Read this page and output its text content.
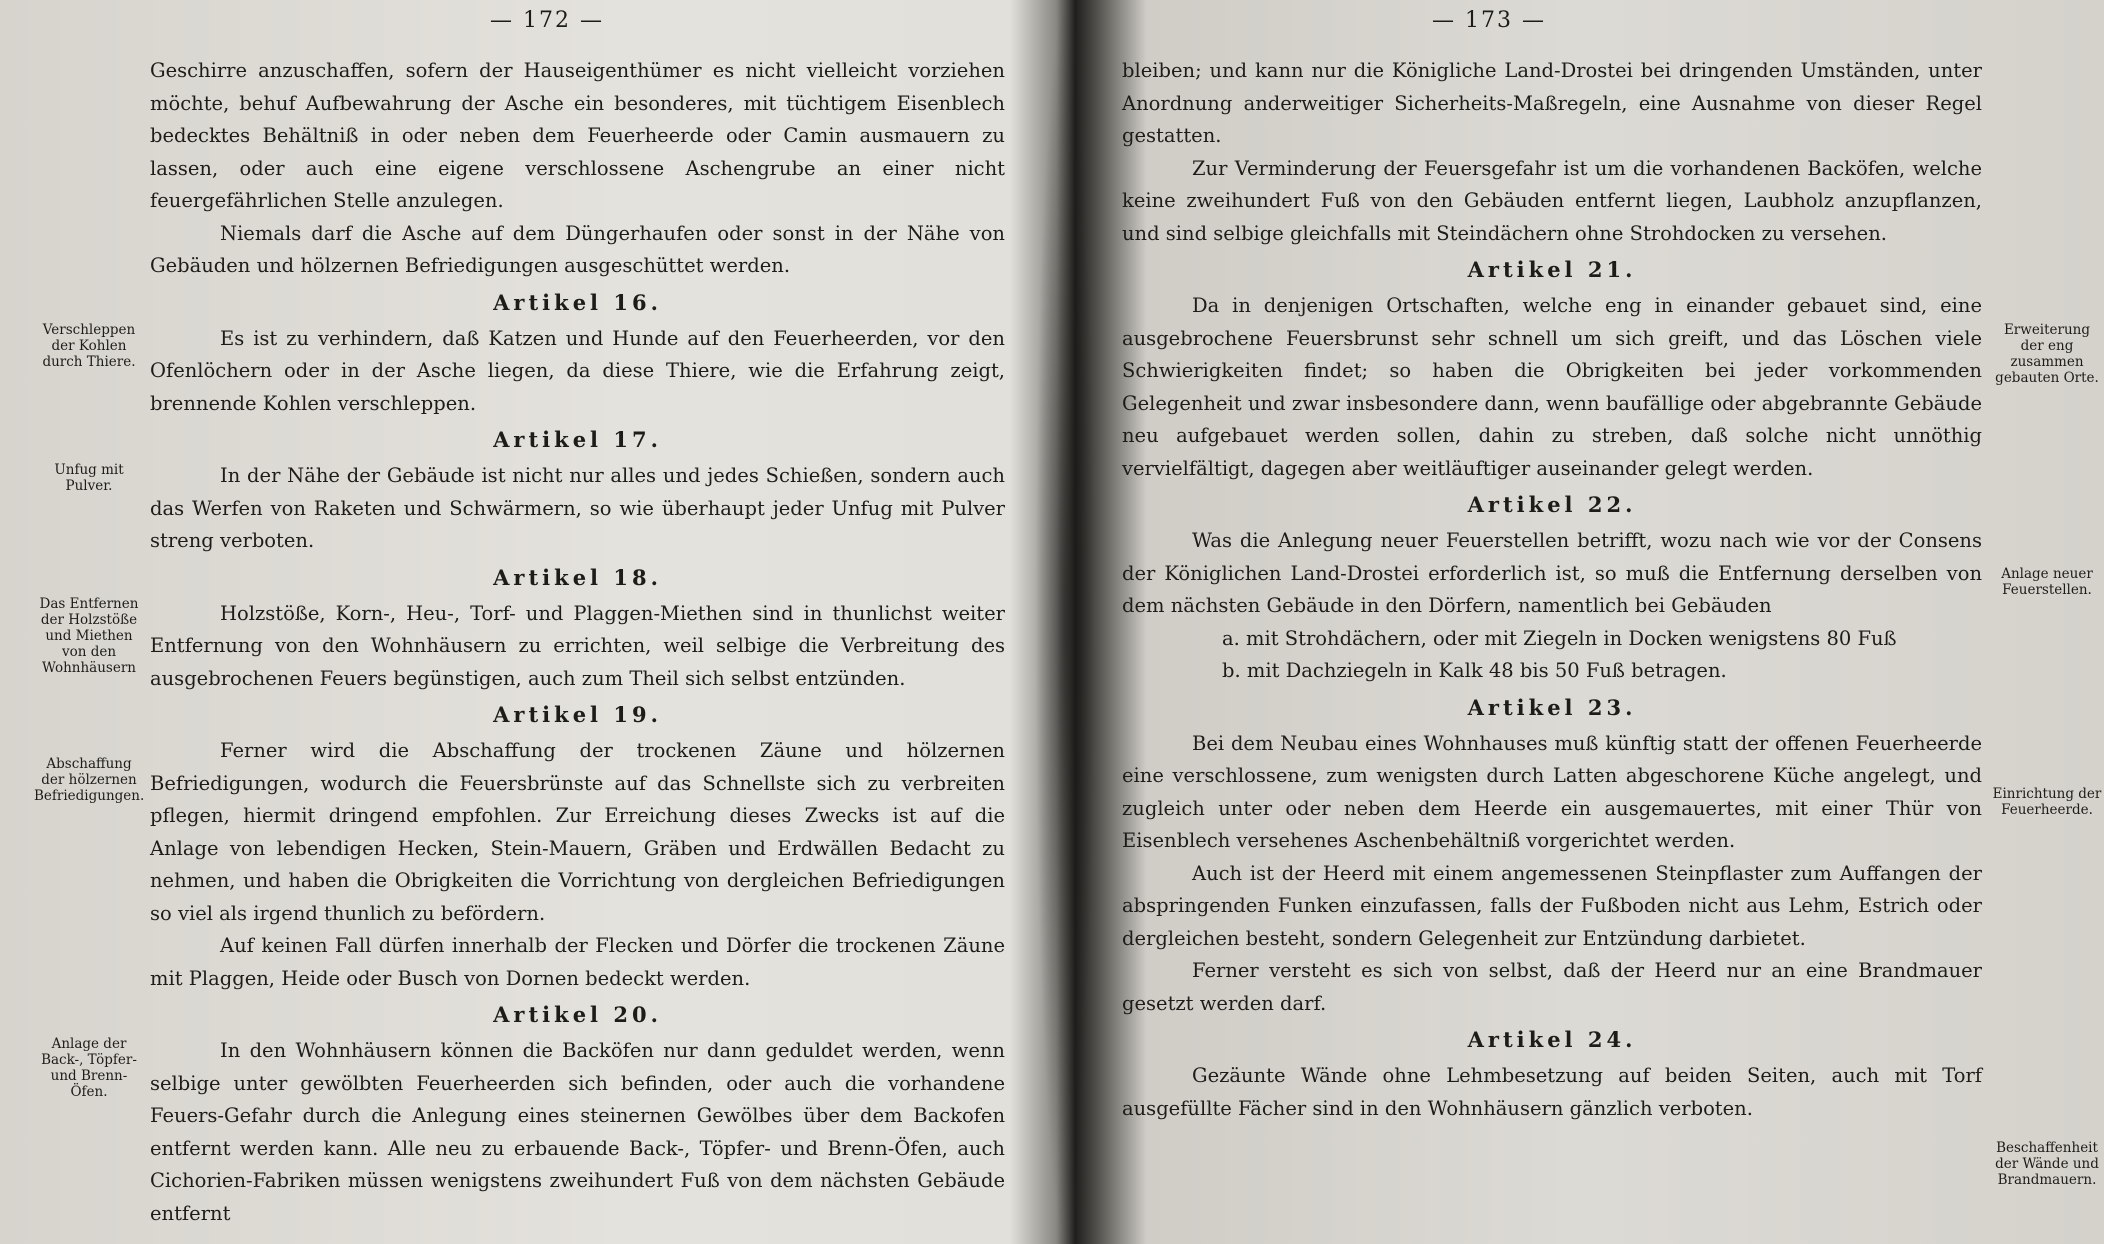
— 172 —

Geschirre anzuschaffen, sofern der Hauseigenthümer es nicht vielleicht vorziehen möchte, behuf Aufbewahrung der Asche ein besonderes, mit tüchtigem Eisenblech bedecktes Behältniß in oder neben dem Feuerheerde oder Camin ausmauern zu lassen, oder auch eine eigene verschlossene Aschengrube an einer nicht feuergefährlichen Stelle anzulegen.

Niemals darf die Asche auf dem Düngerhaufen oder sonst in der Nähe von Gebäuden und hölzernen Befriedigungen ausgeschüttet werden.

Artikel 16.

Es ist zu verhindern, daß Katzen und Hunde auf den Feuerheerden, vor den Ofenlöchern oder in der Asche liegen, da diese Thiere, wie die Erfahrung zeigt, brennende Kohlen verschleppen.

Artikel 17.

In der Nähe der Gebäude ist nicht nur alles und jedes Schießen, sondern auch das Werfen von Raketen und Schwärmern, so wie überhaupt jeder Unfug mit Pulver streng verboten.

Artikel 18.

Holzstöße, Korn-, Heu-, Torf- und Plaggen-Miethen sind in thunlichst weiter Entfernung von den Wohnhäusern zu errichten, weil selbige die Verbreitung des ausgebrochenen Feuers begünstigen, auch zum Theil sich selbst entzünden.

Artikel 19.

Ferner wird die Abschaffung der trockenen Zäune und hölzernen Befriedigungen, wodurch die Feuersbrünste auf das Schnellste sich zu verbreiten pflegen, hiermit dringend empfohlen. Zur Erreichung dieses Zwecks ist auf die Anlage von lebendigen Hecken, Stein-Mauern, Gräben und Erdwällen Bedacht zu nehmen, und haben die Obrigkeiten die Vorrichtung von dergleichen Befriedigungen so viel als irgend thunlich zu befördern.

Auf keinen Fall dürfen innerhalb der Flecken und Dörfer die trockenen Zäune mit Plaggen, Heide oder Busch von Dornen bedeckt werden.

Artikel 20.

In den Wohnhäusern können die Backöfen nur dann geduldet werden, wenn selbige unter gewölbten Feuerheerden sich befinden, oder auch die vorhandene Feuers-Gefahr durch die Anlegung eines steinernen Gewölbes über dem Backofen entfernt werden kann. Alle neu zu erbauende Back-, Töpfer- und Brenn-Öfen, auch Cichorien-Fabriken müssen wenigstens zweihundert Fuß von dem nächsten Gebäude entfernt

Verschleppen der Kohlen durch Thiere.
Unfug mit Pulver.
Das Entfernen der Holzstöße und Miethen von den Wohnhäusern
Abschaffung der hölzernen Befriedigungen.
Anlage der Back-, Töpfer- und Brenn-Öfen.
— 173 —

bleiben; und kann nur die Königliche Land-Drostei bei dringenden Umständen, unter Anordnung anderweitiger Sicherheits-Maßregeln, eine Ausnahme von dieser Regel gestatten.

Zur Verminderung der Feuersgefahr ist um die vorhandenen Backöfen, welche keine zweihundert Fuß von den Gebäuden entfernt liegen, Laubholz anzupflanzen, und sind selbige gleichfalls mit Steindächern ohne Strohdocken zu versehen.

Artikel 21.

Da in denjenigen Ortschaften, welche eng in einander gebauet sind, eine ausgebrochene Feuersbrunst sehr schnell um sich greift, und das Löschen viele Schwierigkeiten findet; so haben die Obrigkeiten bei jeder vorkommenden Gelegenheit und zwar insbesondere dann, wenn baufällige oder abgebrannte Gebäude neu aufgebauet werden sollen, dahin zu streben, daß solche nicht unnöthig vervielfältigt, dagegen aber weitläuftiger auseinander gelegt werden.

Artikel 22.

Was die Anlegung neuer Feuerstellen betrifft, wozu nach wie vor der Consens der Königlichen Land-Drostei erforderlich ist, so muß die Entfernung derselben von dem nächsten Gebäude in den Dörfern, namentlich bei Gebäuden

a. mit Strohdächern, oder mit Ziegeln in Docken wenigstens 80 Fuß

b. mit Dachziegeln in Kalk 48 bis 50 Fuß betragen.

Artikel 23.

Bei dem Neubau eines Wohnhauses muß künftig statt der offenen Feuerheerde eine verschlossene, zum wenigsten durch Latten abgeschorene Küche angelegt, und zugleich unter oder neben dem Heerde ein ausgemauertes, mit einer Thür von Eisenblech versehenes Aschenbehältniß vorgerichtet werden.

Auch ist der Heerd mit einem angemessenen Steinpflaster zum Auffangen der abspringenden Funken einzufassen, falls der Fußboden nicht aus Lehm, Estrich oder dergleichen besteht, sondern Gelegenheit zur Entzündung darbietet.

Ferner versteht es sich von selbst, daß der Heerd nur an eine Brandmauer gesetzt werden darf.

Artikel 24.

Gezäunte Wände ohne Lehmbesetzung auf beiden Seiten, auch mit Torf ausgefüllte Fächer sind in den Wohnhäusern gänzlich verboten.

Erweiterung der eng zusammen gebauten Orte.
Anlage neuer Feuerstellen.
Einrichtung der Feuerheerde.
Beschaffenheit der Wände und Brandmauern.
